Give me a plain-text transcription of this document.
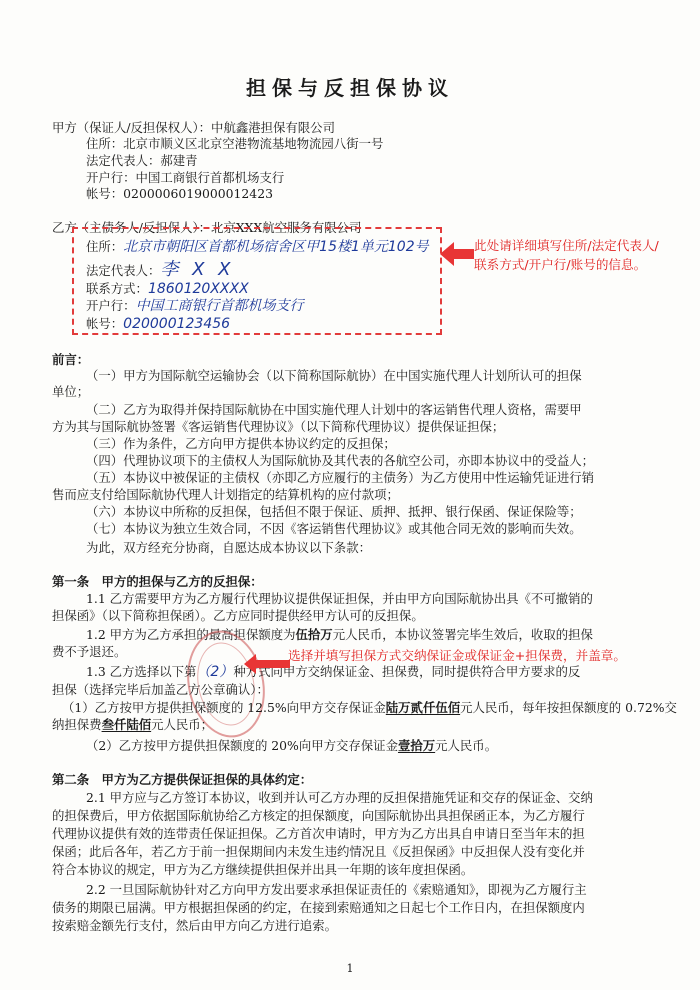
担保与反担保协议
甲方（保证人/反担保权人）：中航鑫港担保有限公司
住所：北京市顺义区北京空港物流基地物流园八街一号
法定代表人：郝建青
开户行：中国工商银行首都机场支行
帐号：0200006019000012423
乙方（主债务人/反担保人）：北京XXX航空服务有限公司
住所：北京市朝阳区首都机场宿舍区甲15楼1单元102号
法定代表人：李 X X
联系方式：1860120XXXX
开户行：中国工商银行首都机场支行
帐号：020000123456
此处请详细填写住所/法定代表人/
联系方式/开户行/账号的信息。
前言：
（一）甲方为国际航空运输协会（以下简称国际航协）在中国实施代理人计划所认可的担保
单位；
（二）乙方为取得并保持国际航协在中国实施代理人计划中的客运销售代理人资格，需要甲
方为其与国际航协签署《客运销售代理协议》（以下简称代理协议）提供保证担保；
（三）作为条件，乙方向甲方提供本协议约定的反担保；
（四）代理协议项下的主债权人为国际航协及其代表的各航空公司，亦即本协议中的受益人；
（五）本协议中被保证的主债权（亦即乙方应履行的主债务）为乙方使用中性运输凭证进行销
售而应支付给国际航协代理人计划指定的结算机构的应付款项；
（六）本协议中所称的反担保，包括但不限于保证、质押、抵押、银行保函、保证保险等；
（七）本协议为独立生效合同，不因《客运销售代理协议》或其他合同无效的影响而失效。
为此，双方经充分协商，自愿达成本协议以下条款：
第一条　甲方的担保与乙方的反担保：
1.1 乙方需要甲方为乙方履行代理协议提供保证担保，并由甲方向国际航协出具《不可撤销的
担保函》（以下简称担保函）。乙方应同时提供经甲方认可的反担保。
1.2 甲方为乙方承担的最高担保额度为伍拾万元人民币，本协议签署完毕生效后，收取的担保
费不予退还。
1.3 乙方选择以下第（2）种方式向甲方交纳保证金、担保费，同时提供符合甲方要求的反
担保（选择完毕后加盖乙方公章确认）：
（1）乙方按甲方提供担保额度的 12.5%向甲方交存保证金陆万贰仟伍佰元人民币，每年按担保额度的 0.72%交
纳担保费叁仟陆佰元人民币；
（2）乙方按甲方提供担保额度的 20%向甲方交存保证金壹拾万元人民币。
选择并填写担保方式交纳保证金或保证金+担保费，并盖章。
第二条　甲方为乙方提供保证担保的具体约定：
2.1 甲方应与乙方签订本协议，收到并认可乙方办理的反担保措施凭证和交存的保证金、交纳
的担保费后，甲方依据国际航协给乙方核定的担保额度，向国际航协出具担保函正本，为乙方履行
代理协议提供有效的连带责任保证担保。乙方首次申请时，甲方为乙方出具自申请日至当年末的担
保函；此后各年，若乙方于前一担保期间内未发生违约情况且《反担保函》中反担保人没有变化并
符合本协议的规定，甲方为乙方继续提供担保并出具一年期的该年度担保函。
2.2 一旦国际航协针对乙方向甲方发出要求承担保证责任的《索赔通知》，即视为乙方履行主
债务的期限已届满。甲方根据担保函的约定，在接到索赔通知之日起七个工作日内，在担保额度内
按索赔金额先行支付，然后由甲方向乙方进行追索。
1
